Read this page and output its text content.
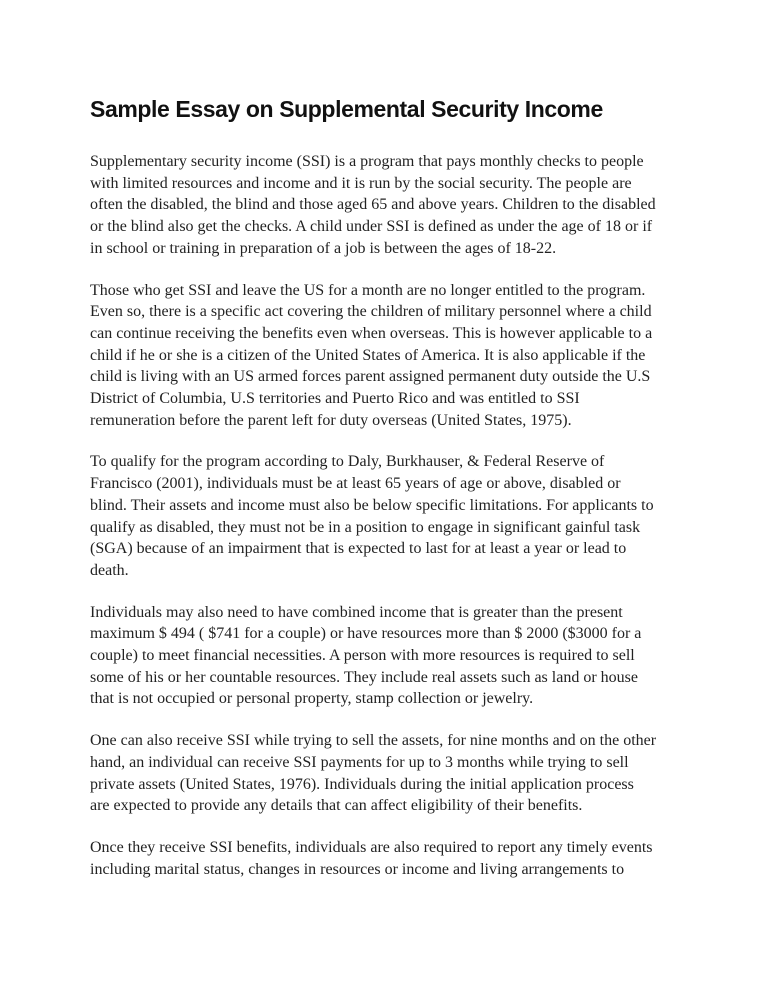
Sample Essay on Supplemental Security Income

Supplementary security income (SSI) is a program that pays monthly checks to people
with limited resources and income and it is run by the social security. The people are
often the disabled, the blind and those aged 65 and above years. Children to the disabled
or the blind also get the checks. A child under SSI is defined as under the age of 18 or if
in school or training in preparation of a job is between the ages of 18-22.

Those who get SSI and leave the US for a month are no longer entitled to the program.
Even so, there is a specific act covering the children of military personnel where a child
can continue receiving the benefits even when overseas. This is however applicable to a
child if he or she is a citizen of the United States of America. It is also applicable if the
child is living with an US armed forces parent assigned permanent duty outside the U.S
District of Columbia, U.S territories and Puerto Rico and was entitled to SSI
remuneration before the parent left for duty overseas (United States, 1975).

To qualify for the program according to Daly, Burkhauser, & Federal Reserve of
Francisco (2001), individuals must be at least 65 years of age or above, disabled or
blind. Their assets and income must also be below specific limitations. For applicants to
qualify as disabled, they must not be in a position to engage in significant gainful task
(SGA) because of an impairment that is expected to last for at least a year or lead to
death.

Individuals may also need to have combined income that is greater than the present
maximum $ 494 ( $741 for a couple) or have resources more than $ 2000 ($3000 for a
couple) to meet financial necessities. A person with more resources is required to sell
some of his or her countable resources. They include real assets such as land or house
that is not occupied or personal property, stamp collection or jewelry.

One can also receive SSI while trying to sell the assets, for nine months and on the other
hand, an individual can receive SSI payments for up to 3 months while trying to sell
private assets (United States, 1976). Individuals during the initial application process
are expected to provide any details that can affect eligibility of their benefits.

Once they receive SSI benefits, individuals are also required to report any timely events
including marital status, changes in resources or income and living arrangements to
